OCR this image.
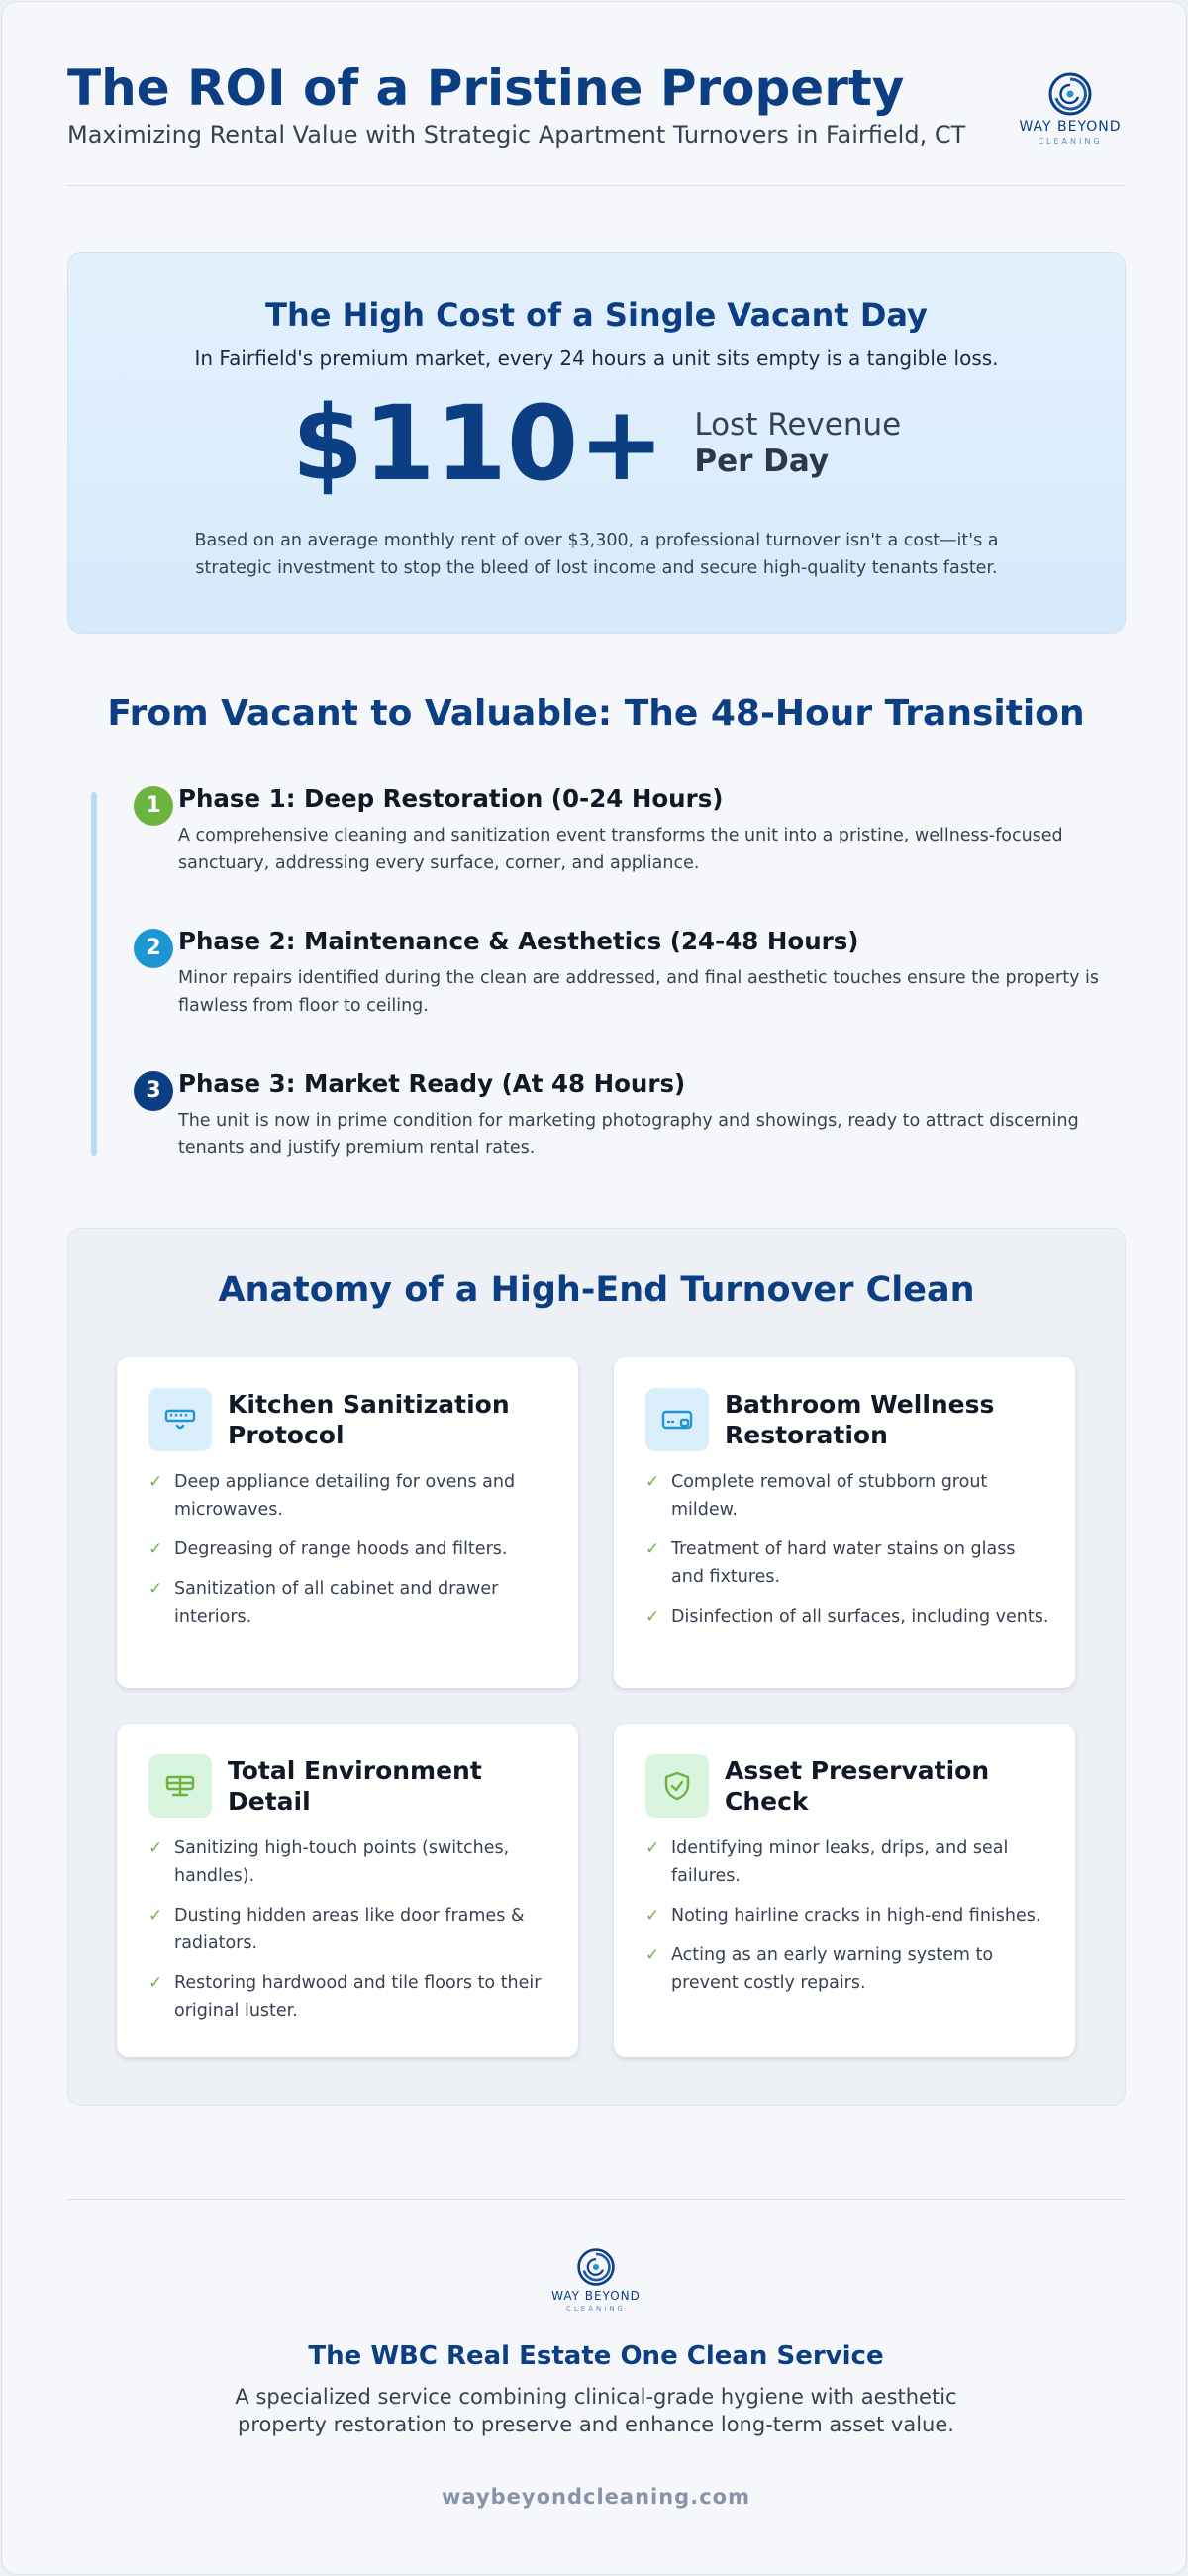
The ROI of a Pristine Property
Maximizing Rental Value with Strategic Apartment Turnovers in Fairfield, CT	WAY BEYOND
CLEANING
The High Cost of a Single Vacant Day
In Fairfield's premium market, every 24 hours a unit sits empty is a tangible loss.
$110+ Lost Revenue
Per Day
Based on an average monthly rent of over $3,300, a professional turnover isn't a cost—it's a strategic investment to stop the bleed of lost income and secure high-quality tenants faster.
From Vacant to Valuable: The 48-Hour Transition
1 Phase 1: Deep Restoration (0-24 Hours)
A comprehensive cleaning and sanitization event transforms the unit into a pristine, wellness-focused sanctuary, addressing every surface, corner, and appliance.
2 Phase 2: Maintenance & Aesthetics (24-48 Hours)
Minor repairs identified during the clean are addressed, and final aesthetic touches ensure the property is flawless from floor to ceiling.
3 Phase 3: Market Ready (At 48 Hours)
The unit is now in prime condition for marketing photography and showings, ready to attract discerning tenants and justify premium rental rates.
Anatomy of a High-End Turnover Clean
Kitchen Sanitization Protocol
✓ Deep appliance detailing for ovens and microwaves.
✓ Degreasing of range hoods and filters.
✓ Sanitization of all cabinet and drawer interiors.
Bathroom Wellness Restoration
✓ Complete removal of stubborn grout mildew.
✓ Treatment of hard water stains on glass and fixtures.
✓ Disinfection of all surfaces, including vents.
Total Environment Detail
✓ Sanitizing high-touch points (switches, handles).
✓ Dusting hidden areas like door frames & radiators.
✓ Restoring hardwood and tile floors to their original luster.
Asset Preservation Check
✓ Identifying minor leaks, drips, and seal failures.
✓ Noting hairline cracks in high-end finishes.
✓ Acting as an early warning system to prevent costly repairs.
WAY BEYOND
CLEANING
The WBC Real Estate One Clean Service
A specialized service combining clinical-grade hygiene with aesthetic property restoration to preserve and enhance long-term asset value.
waybeyondcleaning.com
